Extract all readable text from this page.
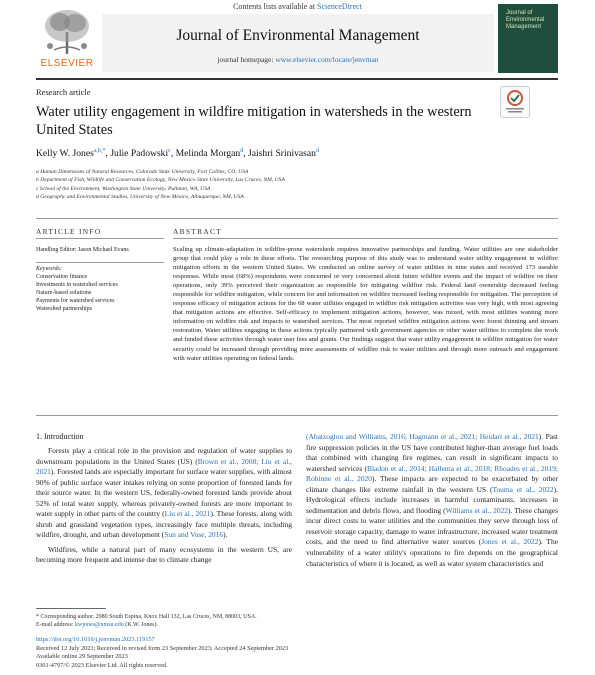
Contents lists available at ScienceDirect
ELSEVIER
Journal of Environmental Management
journal homepage: www.elsevier.com/locate/jenvman
Journal of Environmental Management
Research article
Water utility engagement in wildfire mitigation in watersheds in the western United States
Kelly W. Jones$^{a,b,*}$, Julie Padowski$^c$, Melinda Morgan$^d$, Jaishri Srinivasan$^d$
a Human Dimensions of Natural Resources, Colorado State University, Fort Collins, CO, USA
b Department of Fish, Wildlife and Conservation Ecology, New Mexico State University, Las Cruces, NM, USA
c School of the Environment, Washington State University, Pullman, WA, USA
d Geography and Environmental Studies, University of New Mexico, Albuquerque, NM, USA
ARTICLE INFO	ABSTRACT
Handling Editor: Jason Michael Evans
Keywords:
Conservation finance
Investments in watershed services
Nature-based solutions
Payments for watershed services
Watershed partnerships
Scaling up climate-adaptation in wildfire-prone watersheds requires innovative partnerships and funding. Water utilities are one stakeholder group that could play a role in these efforts. The overarching purpose of this study was to understand water utility engagement in wildfire mitigation efforts in the western United States. We conducted an online survey of water utilities in nine states and received 173 useable responses. While most (68%) respondents were concerned or very concerned about future wildfire events and the impact of wildfire on their operations, only 39% perceived their organization as responsible for mitigating wildfire risk. Federal land ownership decreased feeling responsible for wildfire mitigation, while concern for and information on wildfire increased feeling responsible for mitigation. The perception of response efficacy of mitigation actions for the 68 water utilities engaged in wildfire risk mitigation activities was very high, with most agreeing that mitigation actions are effective. Self-efficacy to implement mitigation actions, however, was mixed, with most utilities wanting more information on wildfire risk and impacts to watershed services. The most reported wildfire mitigation actions were forest thinning and stream restoration. Water utilities engaging in these actions typically partnered with government agencies or other water utilities to complete the work and funded these activities through water user fees and grants. Our findings suggest that water utility engagement in wildfire mitigation for water security could be increased through providing more assessments of wildfire risk to water utilities and through more outreach and engagement with water utilities operating on federal lands.
1. Introduction

Forests play a critical role in the provision and regulation of water supplies to downstream populations in the United States (US) (Brown et al., 2008; Liu et al., 2021). Forested lands are especially important for surface water supplies, with almost 90% of public surface water intakes relying on some proportion of forested lands for their source water. In the western US, federally-owned forested lands provide about 52% of total water supply, whereas privately-owned forests are more important to water supply in other parts of the country (Liu et al., 2021). These forests, along with shrub and grassland vegetation types, increasingly face multiple threats, including wildfire, drought, and urban development (Sun and Vose, 2016).

Wildfires, while a natural part of many ecosystems in the western US, are becoming more frequent and intense due to climate change

(Abatzoglou and Williams, 2016; Hagmann et al., 2021; Heidari et al., 2021). Past fire suppression policies in the US have contributed higher-than average fuel loads that combined with changing fire regimes, can result in significant impacts to watershed services (Bladon et al., 2014; Hallema et al., 2018; Rhoades et al., 2019; Robinne et al., 2020). These impacts are expected to be exacerbated by other climate changes like extreme rainfall in the western US (Touma et al., 2022). Hydrological effects include increases in harmful contaminants, increases in sedimentation and debris flows, and flooding (Williams et al., 2022). These changes incur direct costs to water utilities and the communities they serve through loss of reservoir storage capacity, damage to water infrastructure, increased water treatment costs, and the need to find alternative water sources (Jones et al., 2022). The vulnerability of a water utility's operations to fire depends on the geographical characteristics of where it is located, as well as water system characteristics and

* Corresponding author. 2980 South Espina, Knox Hall 132, Las Cruces, NM, 88003, USA.
E-mail address: kwjones@nmsu.edu (K.W. Jones).
https://doi.org/10.1016/j.jenvman.2023.119157
Received 12 July 2023; Received in revised form 23 September 2023; Accepted 24 September 2023
Available online 29 September 2023
0301-4797/© 2023 Elsevier Ltd. All rights reserved.
